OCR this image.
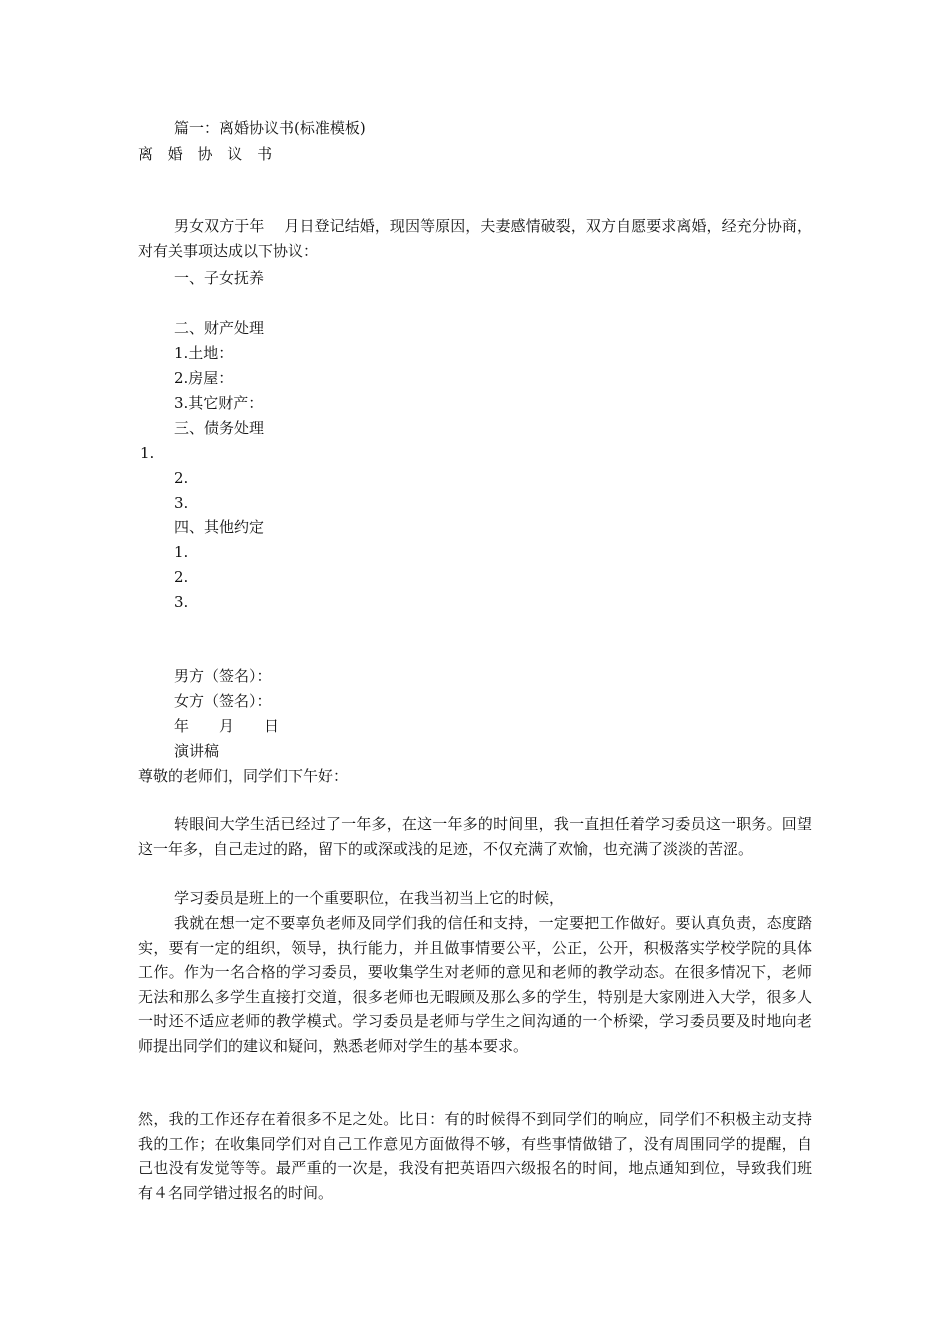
篇一：离婚协议书(标准模板)
离 婚 协 议 书
男女双方于年　 月日登记结婚，现因等原因，夫妻感情破裂，双方自愿要求离婚，经充分协商，对有关事项达成以下协议：
一、子女抚养
二、财产处理
1.土地：
2.房屋：
3.其它财产：
三、债务处理
1.
2.
3.
四、其他约定
1.
2.
3.
男方（签名）：
女方（签名）：
年　　月　　日
演讲稿
尊敬的老师们，同学们下午好：
转眼间大学生活已经过了一年多，在这一年多的时间里，我一直担任着学习委员这一职务。回望这一年多，自己走过的路，留下的或深或浅的足迹，不仅充满了欢愉，也充满了淡淡的苦涩。
学习委员是班上的一个重要职位，在我当初当上它的时候，
我就在想一定不要辜负老师及同学们我的信任和支持，一定要把工作做好。要认真负责，态度踏实，要有一定的组织，领导，执行能力，并且做事情要公平，公正，公开，积极落实学校学院的具体工作。作为一名合格的学习委员，要收集学生对老师的意见和老师的教学动态。在很多情况下，老师无法和那么多学生直接打交道，很多老师也无暇顾及那么多的学生，特别是大家刚进入大学，很多人一时还不适应老师的教学模式。学习委员是老师与学生之间沟通的一个桥梁，学习委员要及时地向老师提出同学们的建议和疑问，熟悉老师对学生的基本要求。
然，我的工作还存在着很多不足之处。比日：有的时候得不到同学们的响应，同学们不积极主动支持我的工作；在收集同学们对自己工作意见方面做得不够，有些事情做错了，没有周围同学的提醒，自己也没有发觉等等。最严重的一次是，我没有把英语四六级报名的时间，地点通知到位，导致我们班有４名同学错过报名的时间。
